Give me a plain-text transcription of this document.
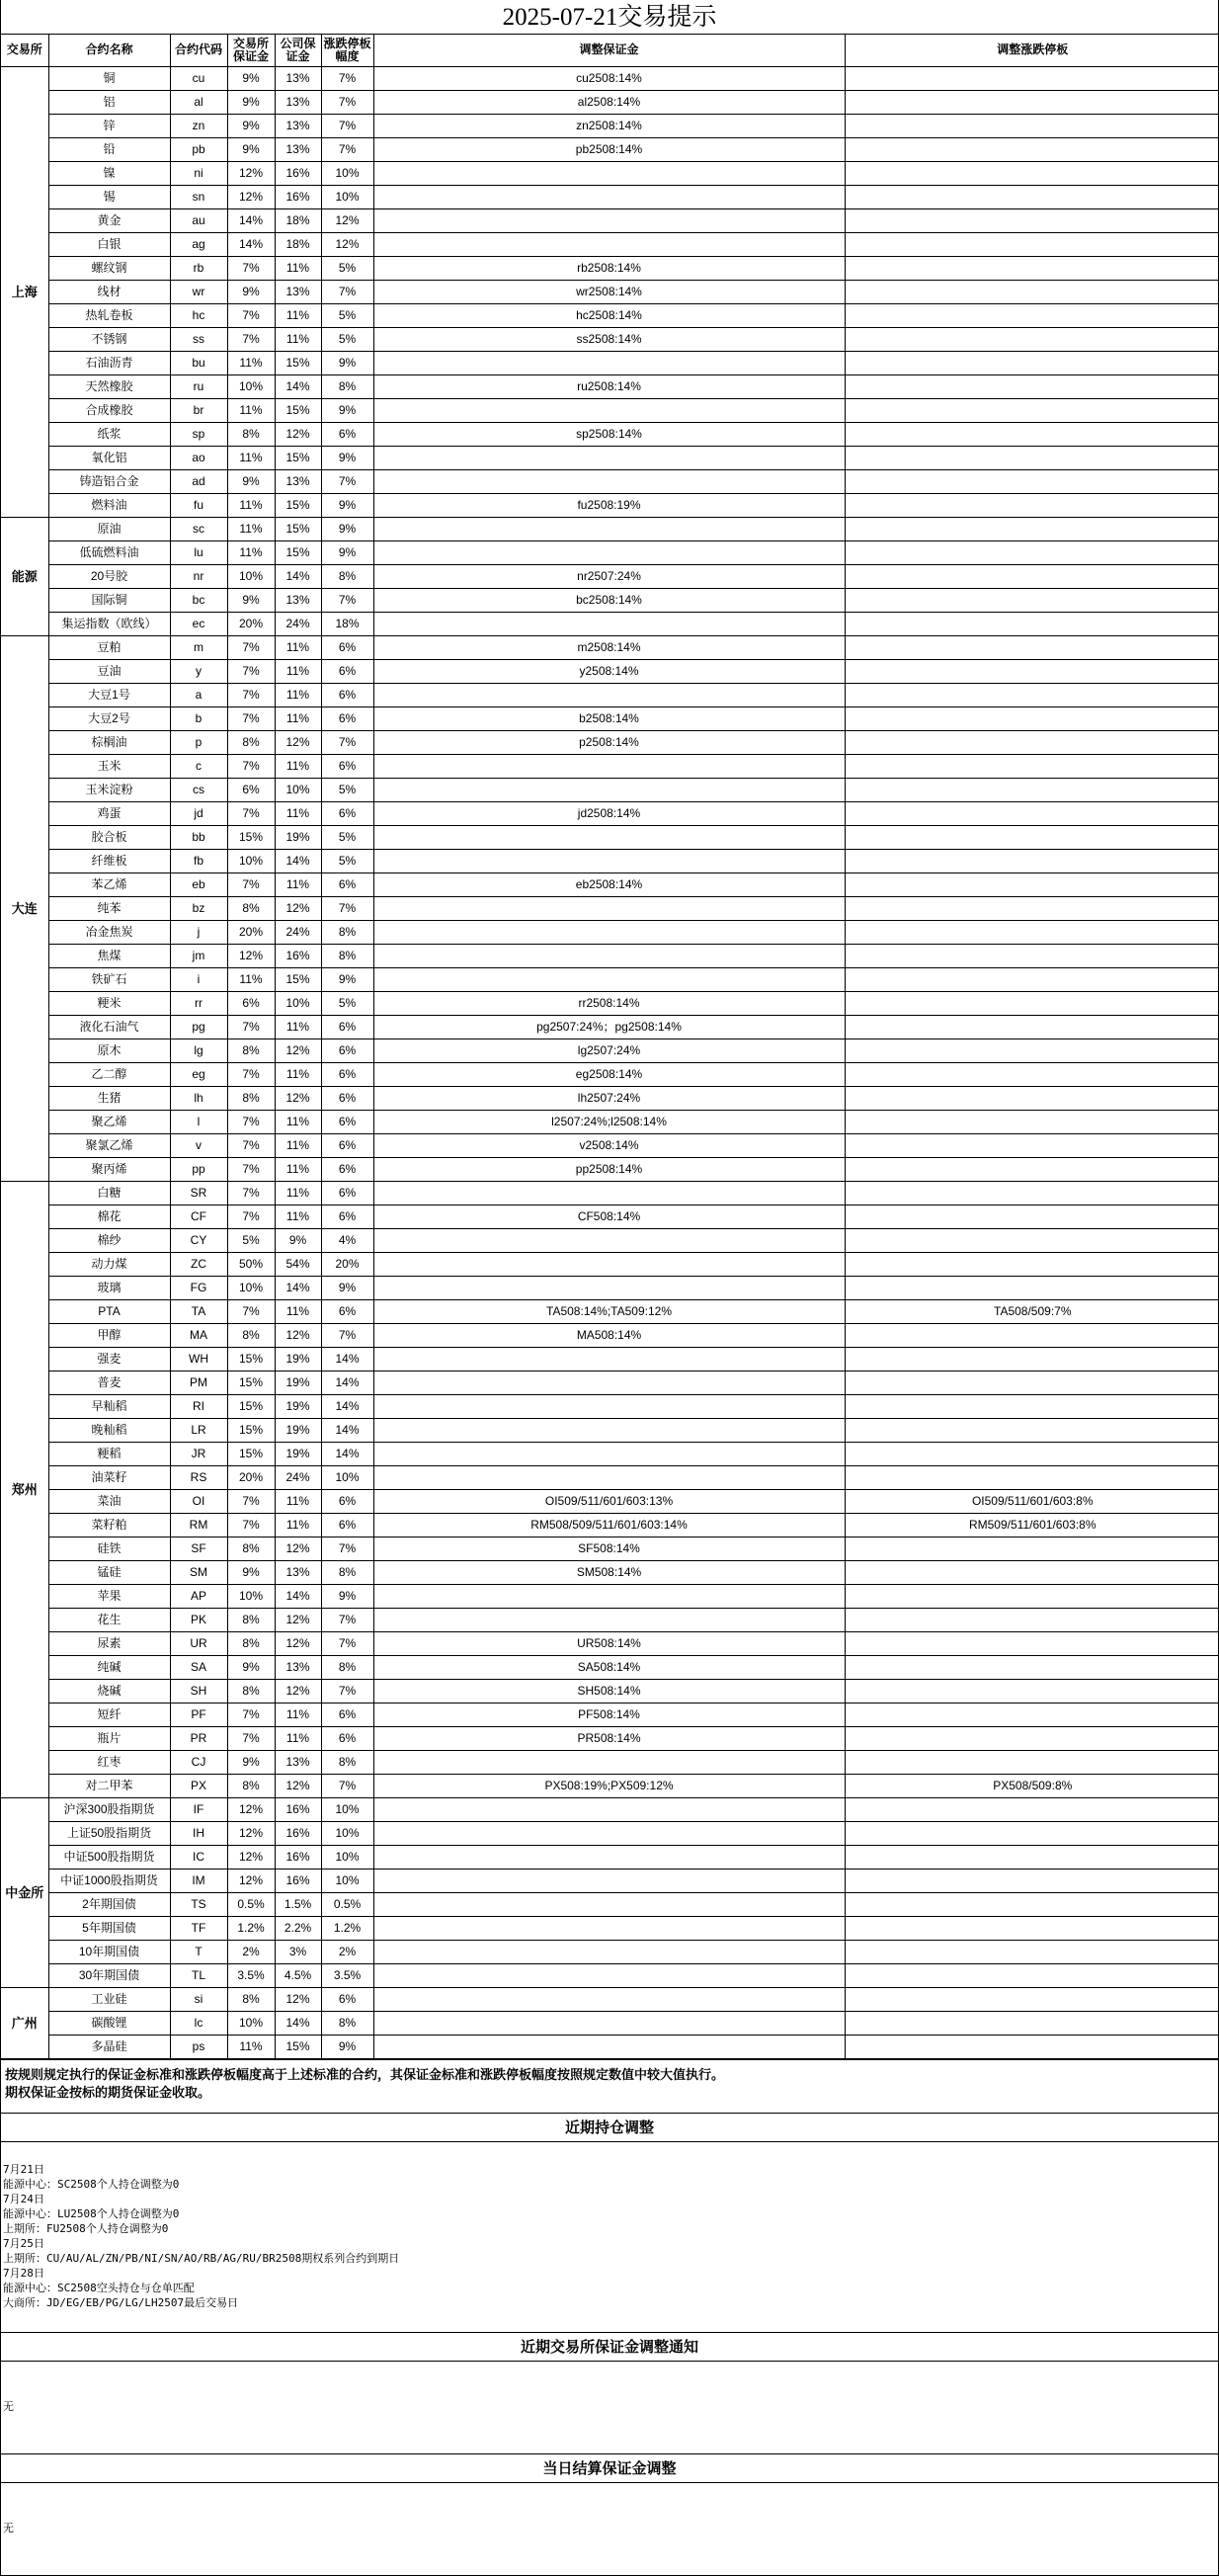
2025-07-21交易提示
交易所	合约名称	合约代码	交易所保证金	公司保证金	涨跌停板幅度	调整保证金	调整涨跌停板
上海	铜	cu	9%	13%	7%	cu2508:14%	
	铝	al	9%	13%	7%	al2508:14%	
	锌	zn	9%	13%	7%	zn2508:14%	
	铅	pb	9%	13%	7%	pb2508:14%	
	镍	ni	12%	16%	10%		
	锡	sn	12%	16%	10%		
	黄金	au	14%	18%	12%		
	白银	ag	14%	18%	12%		
	螺纹钢	rb	7%	11%	5%	rb2508:14%	
	线材	wr	9%	13%	7%	wr2508:14%	
	热轧卷板	hc	7%	11%	5%	hc2508:14%	
	不锈钢	ss	7%	11%	5%	ss2508:14%	
	石油沥青	bu	11%	15%	9%		
	天然橡胶	ru	10%	14%	8%	ru2508:14%	
	合成橡胶	br	11%	15%	9%		
	纸浆	sp	8%	12%	6%	sp2508:14%	
	氧化铝	ao	11%	15%	9%		
	铸造铝合金	ad	9%	13%	7%		
	燃料油	fu	11%	15%	9%	fu2508:19%	
能源	原油	sc	11%	15%	9%		
	低硫燃料油	lu	11%	15%	9%		
	20号胶	nr	10%	14%	8%	nr2507:24%	
	国际铜	bc	9%	13%	7%	bc2508:14%	
	集运指数（欧线）	ec	20%	24%	18%		
大连	豆粕	m	7%	11%	6%	m2508:14%	
	豆油	y	7%	11%	6%	y2508:14%	
	大豆1号	a	7%	11%	6%		
	大豆2号	b	7%	11%	6%	b2508:14%	
	棕榈油	p	8%	12%	7%	p2508:14%	
	玉米	c	7%	11%	6%		
	玉米淀粉	cs	6%	10%	5%		
	鸡蛋	jd	7%	11%	6%	jd2508:14%	
	胶合板	bb	15%	19%	5%		
	纤维板	fb	10%	14%	5%		
	苯乙烯	eb	7%	11%	6%	eb2508:14%	
	纯苯	bz	8%	12%	7%		
	冶金焦炭	j	20%	24%	8%		
	焦煤	jm	12%	16%	8%		
	铁矿石	i	11%	15%	9%		
	粳米	rr	6%	10%	5%	rr2508:14%	
	液化石油气	pg	7%	11%	6%	pg2507:24%；pg2508:14%	
	原木	lg	8%	12%	6%	lg2507:24%	
	乙二醇	eg	7%	11%	6%	eg2508:14%	
	生猪	lh	8%	12%	6%	lh2507:24%	
	聚乙烯	l	7%	11%	6%	l2507:24%;l2508:14%	
	聚氯乙烯	v	7%	11%	6%	v2508:14%	
	聚丙烯	pp	7%	11%	6%	pp2508:14%	
郑州	白糖	SR	7%	11%	6%		
	棉花	CF	7%	11%	6%	CF508:14%	
	棉纱	CY	5%	9%	4%		
	动力煤	ZC	50%	54%	20%		
	玻璃	FG	10%	14%	9%		
	PTA	TA	7%	11%	6%	TA508:14%;TA509:12%	TA508/509:7%
	甲醇	MA	8%	12%	7%	MA508:14%	
	强麦	WH	15%	19%	14%		
	普麦	PM	15%	19%	14%		
	早籼稻	RI	15%	19%	14%		
	晚籼稻	LR	15%	19%	14%		
	粳稻	JR	15%	19%	14%		
	油菜籽	RS	20%	24%	10%		
	菜油	OI	7%	11%	6%	OI509/511/601/603:13%	OI509/511/601/603:8%
	菜籽粕	RM	7%	11%	6%	RM508/509/511/601/603:14%	RM509/511/601/603:8%
	硅铁	SF	8%	12%	7%	SF508:14%	
	锰硅	SM	9%	13%	8%	SM508:14%	
	苹果	AP	10%	14%	9%		
	花生	PK	8%	12%	7%		
	尿素	UR	8%	12%	7%	UR508:14%	
	纯碱	SA	9%	13%	8%	SA508:14%	
	烧碱	SH	8%	12%	7%	SH508:14%	
	短纤	PF	7%	11%	6%	PF508:14%	
	瓶片	PR	7%	11%	6%	PR508:14%	
	红枣	CJ	9%	13%	8%		
	对二甲苯	PX	8%	12%	7%	PX508:19%;PX509:12%	PX508/509:8%
中金所	沪深300股指期货	IF	12%	16%	10%		
	上证50股指期货	IH	12%	16%	10%		
	中证500股指期货	IC	12%	16%	10%		
	中证1000股指期货	IM	12%	16%	10%		
	2年期国债	TS	0.5%	1.5%	0.5%		
	5年期国债	TF	1.2%	2.2%	1.2%		
	10年期国债	T	2%	3%	2%		
	30年期国债	TL	3.5%	4.5%	3.5%		
广州	工业硅	si	8%	12%	6%		
	碳酸锂	lc	10%	14%	8%		
	多晶硅	ps	11%	15%	9%		
按规则规定执行的保证金标准和涨跌停板幅度高于上述标准的合约，其保证金标准和涨跌停板幅度按照规定数值中较大值执行。
期权保证金按标的期货保证金收取。
近期持仓调整
7月21日
能源中心：SC2508个人持仓调整为0
7月24日
能源中心：LU2508个人持仓调整为0
上期所：FU2508个人持仓调整为0
7月25日
上期所：CU/AU/AL/ZN/PB/NI/SN/AO/RB/AG/RU/BR2508期权系列合约到期日
7月28日
能源中心：SC2508空头持仓与仓单匹配
大商所：JD/EG/EB/PG/LG/LH2507最后交易日
近期交易所保证金调整通知
无
当日结算保证金调整
无
